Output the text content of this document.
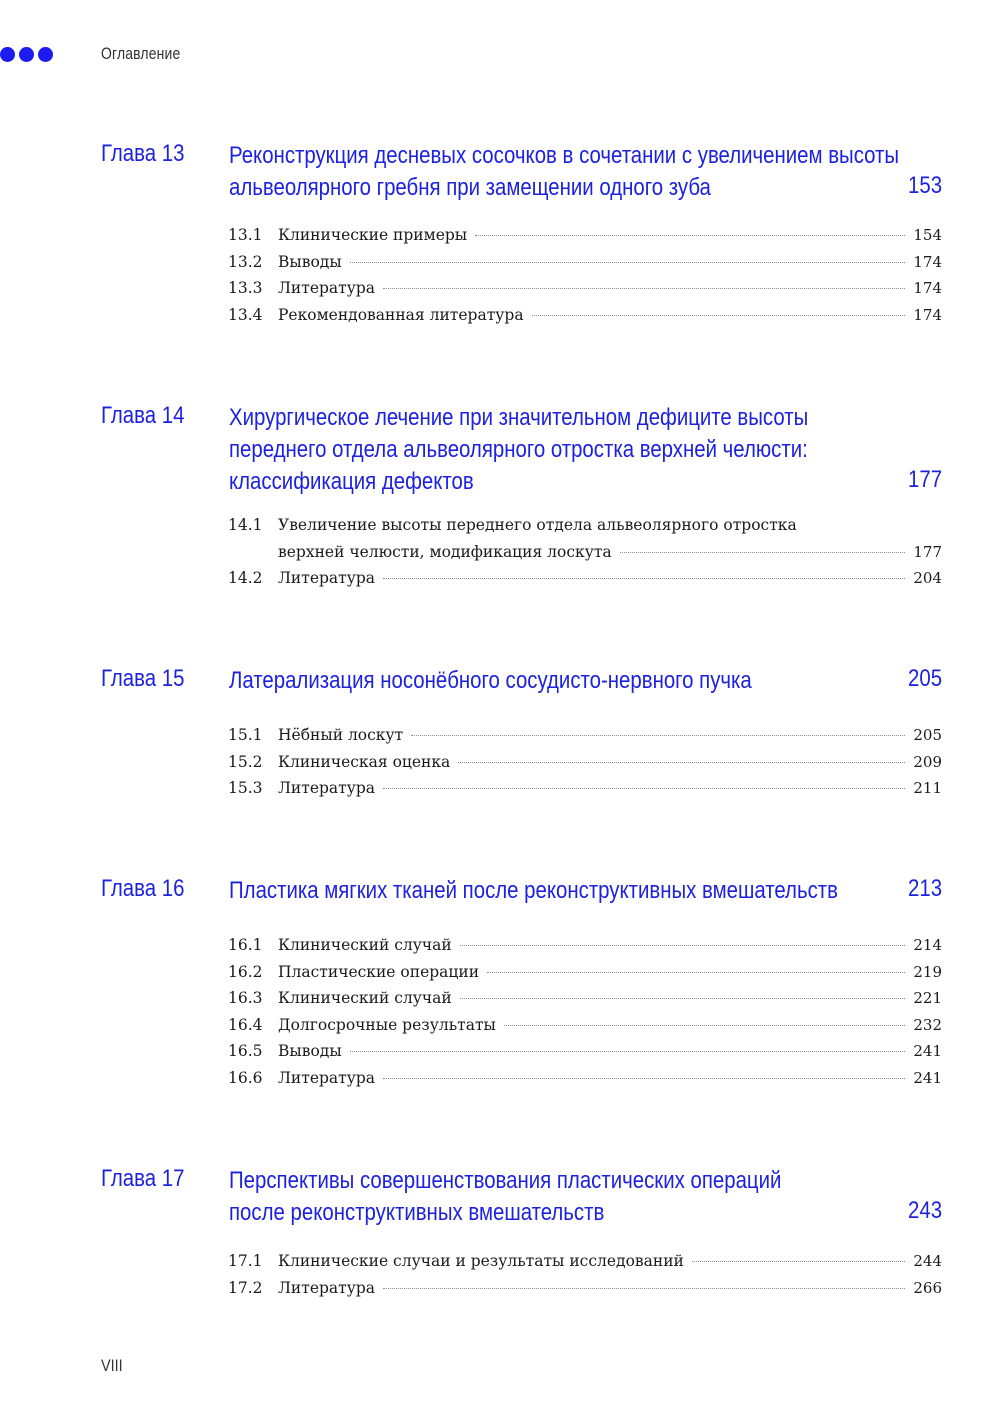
Оглавление
Глава 13 Реконструкция десневых сосочков в сочетании с увеличением высоты
альвеолярного гребня при замещении одного зуба	153
13.1 Клинические примеры	154
13.2 Выводы	174
13.3 Литература	174
13.4 Рекомендованная литература	174
Глава 14 Хирургическое лечение при значительном дефиците высоты
переднего отдела альвеолярного отростка верхней челюсти:
классификация дефектов	177
14.1 Увеличение высоты переднего отдела альвеолярного отростка
верхней челюсти, модификация лоскута	177
14.2 Литература	204
Глава 15 Латерализация носонёбного сосудисто-нервного пучка	205
15.1 Нёбный лоскут	205
15.2 Клиническая оценка	209
15.3 Литература	211
Глава 16 Пластика мягких тканей после реконструктивных вмешательств	213
16.1 Клинический случай	214
16.2 Пластические операции	219
16.3 Клинический случай	221
16.4 Долгосрочные результаты	232
16.5 Выводы	241
16.6 Литература	241
Глава 17 Перспективы совершенствования пластических операций
после реконструктивных вмешательств	243
17.1 Клинические случаи и результаты исследований	244
17.2 Литература	266
VIII
